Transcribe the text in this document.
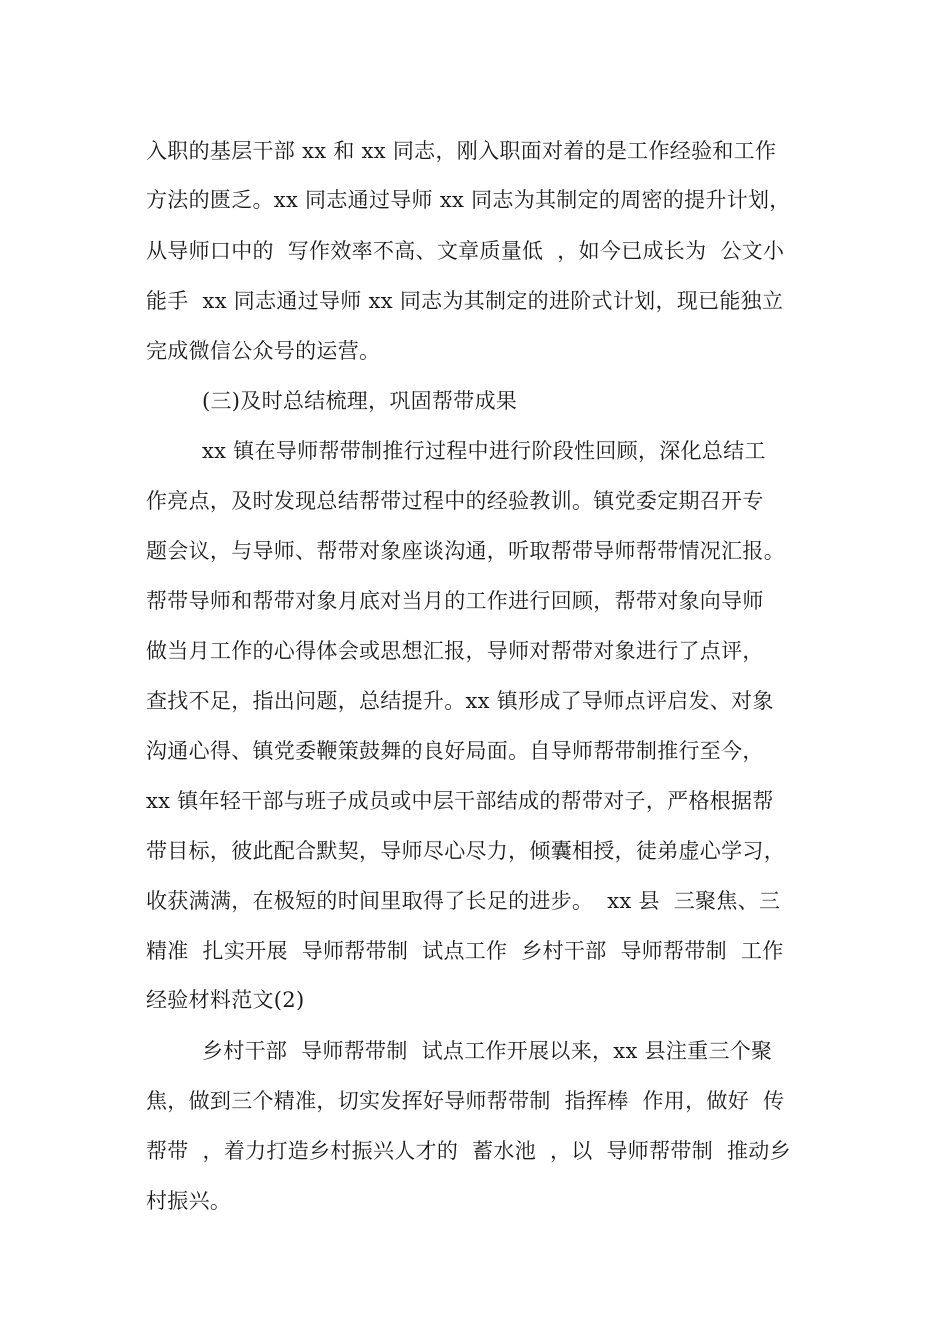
入职的基层干部 xx 和 xx 同志，刚入职面对着的是工作经验和工作
方法的匮乏。xx 同志通过导师 xx 同志为其制定的周密的提升计划，
从导师口中的  写作效率不高、文章质量低  ，如今已成长为  公文小
能手  xx 同志通过导师 xx 同志为其制定的进阶式计划，现已能独立
完成微信公众号的运营。
(三)及时总结梳理，巩固帮带成果
xx 镇在导师帮带制推行过程中进行阶段性回顾，深化总结工
作亮点，及时发现总结帮带过程中的经验教训。镇党委定期召开专
题会议，与导师、帮带对象座谈沟通，听取帮带导师帮带情况汇报。
帮带导师和帮带对象月底对当月的工作进行回顾，帮带对象向导师
做当月工作的心得体会或思想汇报，导师对帮带对象进行了点评，
查找不足，指出问题，总结提升。xx 镇形成了导师点评启发、对象
沟通心得、镇党委鞭策鼓舞的良好局面。自导师帮带制推行至今，
xx 镇年轻干部与班子成员或中层干部结成的帮带对子，严格根据帮
带目标，彼此配合默契，导师尽心尽力，倾囊相授，徒弟虚心学习，
收获满满，在极短的时间里取得了长足的进步。  xx 县  三聚焦、三
精准  扎实开展  导师帮带制  试点工作  乡村干部  导师帮带制  工作
经验材料范文(2)
乡村干部  导师帮带制  试点工作开展以来，xx 县注重三个聚
焦，做到三个精准，切实发挥好导师帮带制  指挥棒  作用，做好  传
帮带  ，着力打造乡村振兴人才的  蓄水池  ，以  导师帮带制  推动乡
村振兴。
